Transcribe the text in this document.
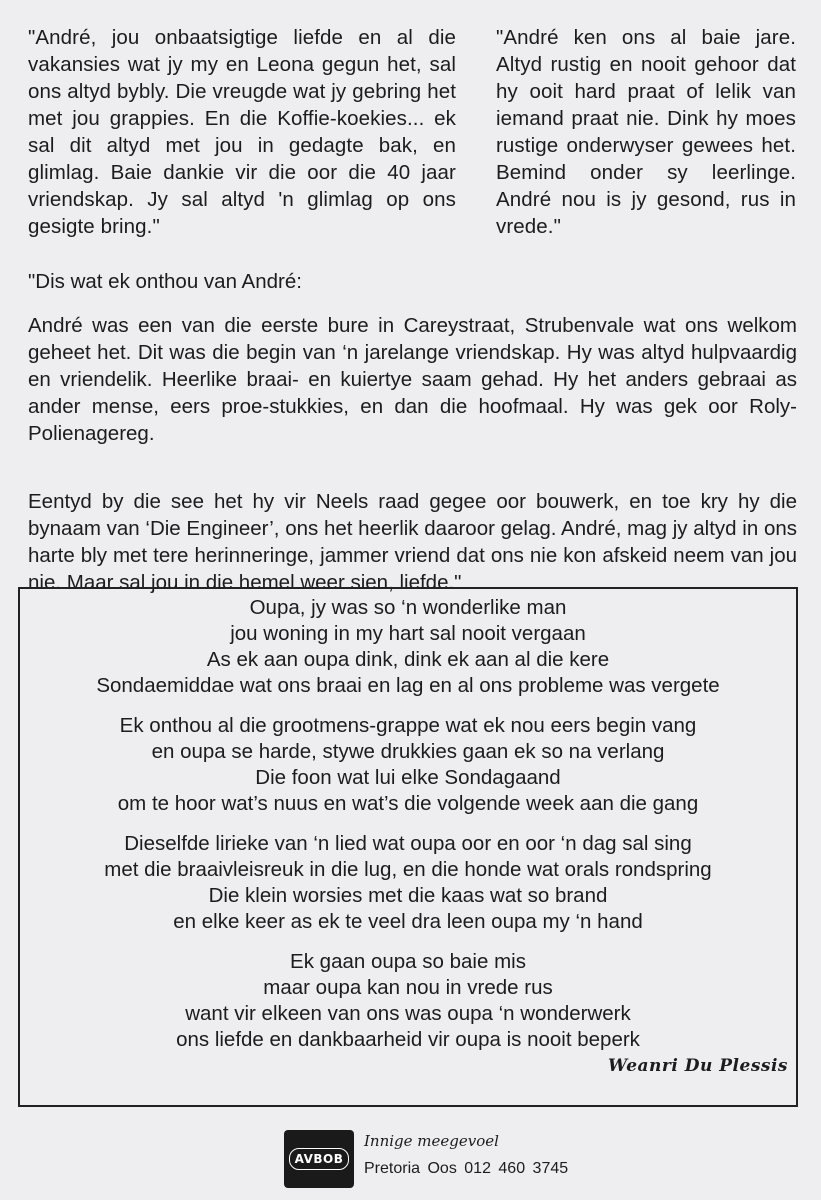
"André, jou onbaatsigtige liefde en al die vakansies wat jy my en Leona gegun het, sal ons altyd bybly. Die vreugde wat jy gebring het met jou grappies. En die Koffie-koekies... ek sal dit altyd met jou in gedagte bak, en glimlag. Baie dankie vir die oor die 40 jaar vriendskap. Jy sal altyd 'n glimlag op ons gesigte bring."
"André ken ons al baie jare. Altyd rustig en nooit gehoor dat hy ooit hard praat of lelik van iemand praat nie. Dink hy moes rustige onderwyser gewees het. Bemind onder sy leerlinge. André nou is jy gesond, rus in vrede."
"Dis wat ek onthou van André:
André was een van die eerste bure in Careystraat, Strubenvale wat ons welkom geheet het. Dit was die begin van ‘n jarelange vriendskap. Hy was altyd hulpvaardig en vriendelik. Heerlike braai- en kuiertye saam gehad. Hy het anders gebraai as ander mense, eers proe-stukkies, en dan die hoofmaal. Hy was gek oor Roly-Polienagereg.
Eentyd by die see het hy vir Neels raad gegee oor bouwerk, en toe kry hy die bynaam van ‘Die Engineer’, ons het heerlik daaroor gelag. André, mag jy altyd in ons harte bly met tere herinneringe, jammer vriend dat ons nie kon afskeid neem van jou nie. Maar sal jou in die hemel weer sien, liefde."
Oupa, jy was so ‘n wonderlike man
jou woning in my hart sal nooit vergaan
As ek aan oupa dink, dink ek aan al die kere
Sondaemiddae wat ons braai en lag en al ons probleme was vergete
Ek onthou al die grootmens-grappe wat ek nou eers begin vang
en oupa se harde, stywe drukkies gaan ek so na verlang
Die foon wat lui elke Sondagaand
om te hoor wat’s nuus en wat’s die volgende week aan die gang
Dieselfde lirieke van ‘n lied wat oupa oor en oor ‘n dag sal sing
met die braaivleisreuk in die lug, en die honde wat orals rondspring
Die klein worsies met die kaas wat so brand
en elke keer as ek te veel dra leen oupa my ‘n hand
Ek gaan oupa so baie mis
maar oupa kan nou in vrede rus
want vir elkeen van ons was oupa ‘n wonderwerk
ons liefde en dankbaarheid vir oupa is nooit beperk
Weanri Du Plessis
AVBOB
Innige meegevoel
Pretoria Oos 012 460 3745
